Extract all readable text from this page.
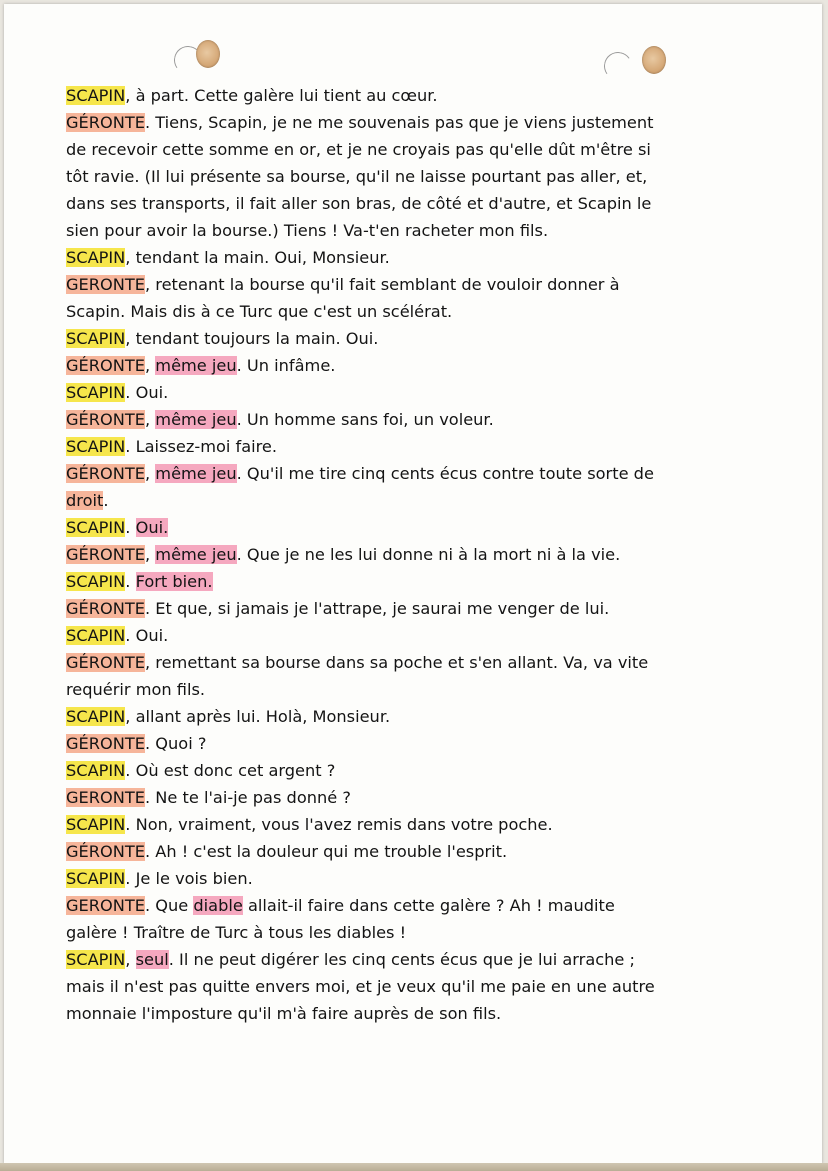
SCAPIN, à part. Cette galère lui tient au cœur.
GÉRONTE. Tiens, Scapin, je ne me souvenais pas que je viens justement
de recevoir cette somme en or, et je ne croyais pas qu'elle dût m'être si
tôt ravie. (Il lui présente sa bourse, qu'il ne laisse pourtant pas aller, et,
dans ses transports, il fait aller son bras, de côté et d'autre, et Scapin le
sien pour avoir la bourse.) Tiens ! Va-t'en racheter mon fils.
SCAPIN, tendant la main. Oui, Monsieur.
GERONTE, retenant la bourse qu'il fait semblant de vouloir donner à
Scapin. Mais dis à ce Turc que c'est un scélérat.
SCAPIN, tendant toujours la main. Oui.
GÉRONTE, même jeu. Un infâme.
SCAPIN. Oui.
GÉRONTE, même jeu. Un homme sans foi, un voleur.
SCAPIN. Laissez-moi faire.
GÉRONTE, même jeu. Qu'il me tire cinq cents écus contre toute sorte de
droit.
SCAPIN. Oui.
GÉRONTE, même jeu. Que je ne les lui donne ni à la mort ni à la vie.
SCAPIN. Fort bien.
GÉRONTE. Et que, si jamais je l'attrape, je saurai me venger de lui.
SCAPIN. Oui.
GÉRONTE, remettant sa bourse dans sa poche et s'en allant. Va, va vite
requérir mon fils.
SCAPIN, allant après lui. Holà, Monsieur.
GÉRONTE. Quoi ?
SCAPIN. Où est donc cet argent ?
GERONTE. Ne te l'ai-je pas donné ?
SCAPIN. Non, vraiment, vous l'avez remis dans votre poche.
GÉRONTE. Ah ! c'est la douleur qui me trouble l'esprit.
SCAPIN. Je le vois bien.
GERONTE. Que diable allait-il faire dans cette galère ? Ah ! maudite
galère ! Traître de Turc à tous les diables !
SCAPIN, seul. Il ne peut digérer les cinq cents écus que je lui arrache ;
mais il n'est pas quitte envers moi, et je veux qu'il me paie en une autre
monnaie l'imposture qu'il m'à faire auprès de son fils.
